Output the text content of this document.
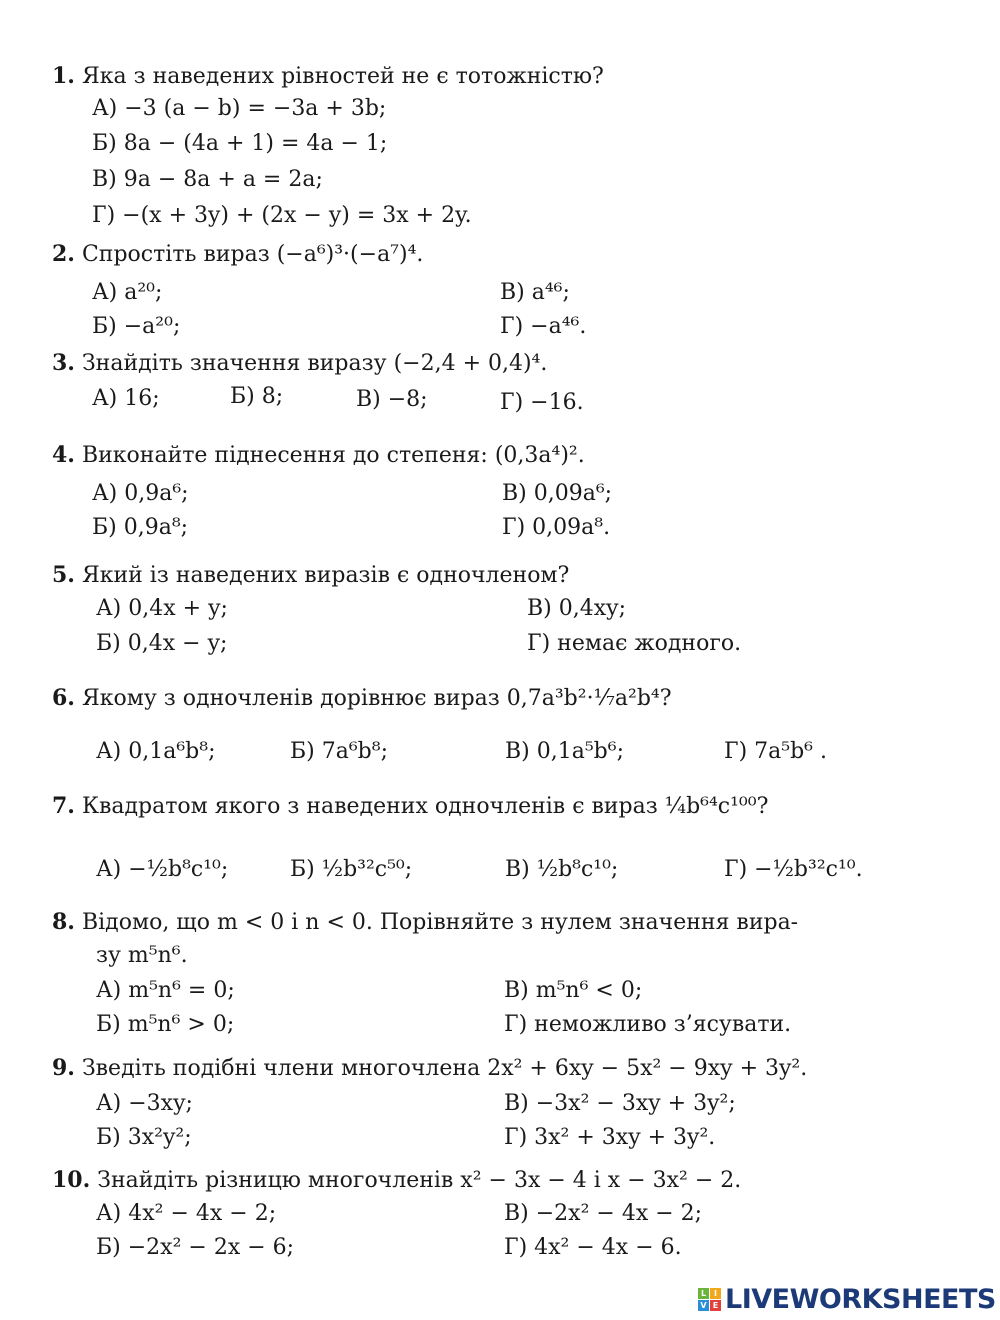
L I
V E LIVEWORKSHEETS
1. Яка з наведених рівностей не є тотожністю?
А) −3 (a − b) = −3a + 3b;
Б) 8a − (4a + 1) = 4a − 1;
В) 9a − 8a + a = 2a;
Г) −(x + 3y) + (2x − y) = 3x + 2y.
2. Спростіть вираз (−a⁶)³·(−a⁷)⁴.
А) a²⁰;	В) a⁴⁶;
Б) −a²⁰;	Г) −a⁴⁶.
3. Знайдіть значення виразу (−2,4 + 0,4)⁴.
А) 16;	Б) 8;	В) −8;	Г) −16.
4. Виконайте піднесення до степеня: (0,3a⁴)².
А) 0,9a⁶;	В) 0,09a⁶;
Б) 0,9a⁸;	Г) 0,09a⁸.
5. Який із наведених виразів є одночленом?
А) 0,4x + y;	В) 0,4xy;
Б) 0,4x − y;	Г) немає жодного.
6. Якому з одночленів дорівнює вираз 0,7a³b²·⅐a²b⁴?
А) 0,1a⁶b⁸;	Б) 7a⁶b⁸;	В) 0,1a⁵b⁶;	Г) 7a⁵b⁶ .
7. Квадратом якого з наведених одночленів є вираз ¼b⁶⁴c¹⁰⁰?
А) −½b⁸c¹⁰;	Б) ½b³²c⁵⁰;	В) ½b⁸c¹⁰;	Г) −½b³²c¹⁰.
8. Відомо, що m < 0 і n < 0. Порівняйте з нулем значення вира-
зу m⁵n⁶.
А) m⁵n⁶ = 0;	В) m⁵n⁶ < 0;
Б) m⁵n⁶ > 0;	Г) неможливо з’ясувати.
9. Зведіть подібні члени многочлена 2x² + 6xy − 5x² − 9xy + 3y².
А) −3xy;	В) −3x² − 3xy + 3y²;
Б) 3x²y²;	Г) 3x² + 3xy + 3y².
10. Знайдіть різницю многочленів x² − 3x − 4 і x − 3x² − 2.
А) 4x² − 4x − 2;	В) −2x² − 4x − 2;
Б) −2x² − 2x − 6;	Г) 4x² − 4x − 6.
